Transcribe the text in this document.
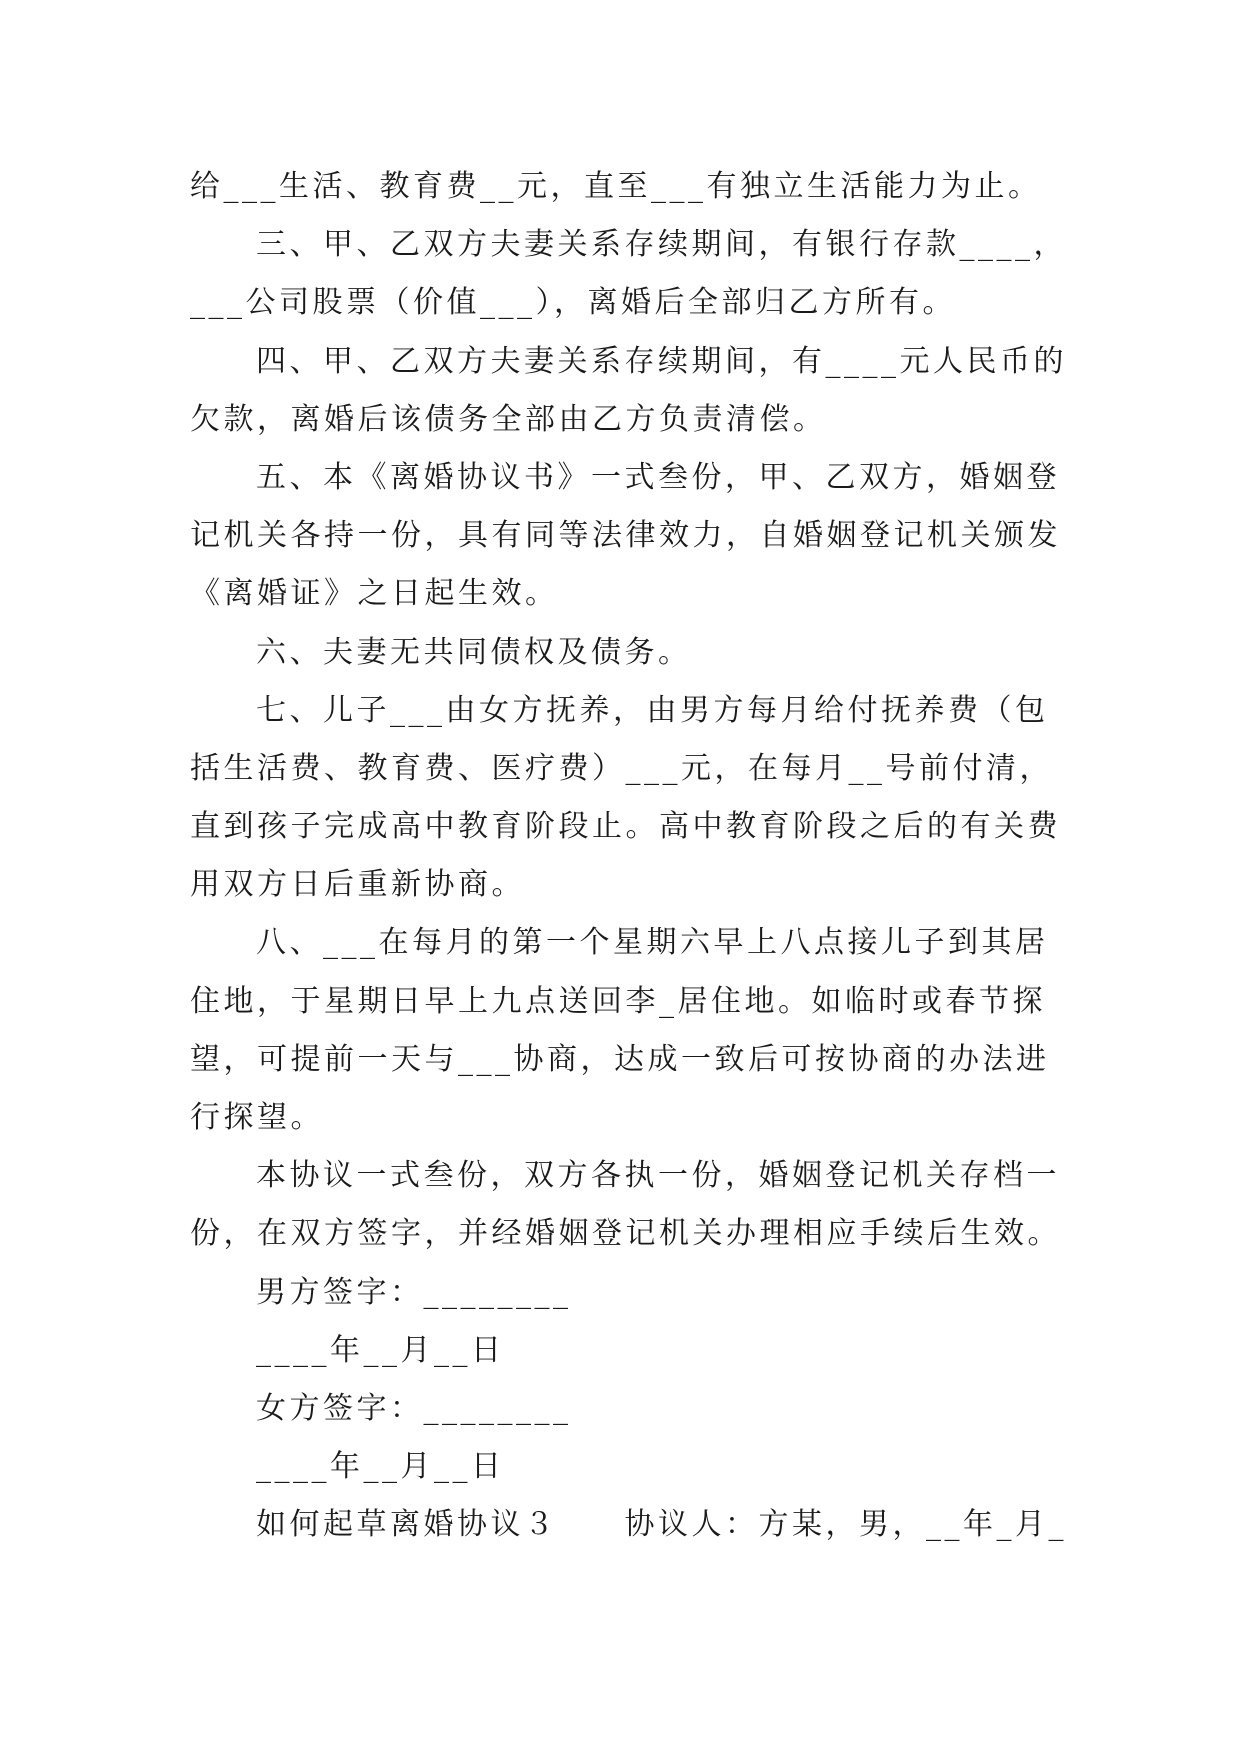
给___生活、教育费__元，直至___有独立生活能力为止。
三、甲、乙双方夫妻关系存续期间，有银行存款____，
___公司股票（价值___），离婚后全部归乙方所有。
四、甲、乙双方夫妻关系存续期间，有____元人民币的
欠款，离婚后该债务全部由乙方负责清偿。
五、本《离婚协议书》一式叁份，甲、乙双方，婚姻登
记机关各持一份，具有同等法律效力，自婚姻登记机关颁发
《离婚证》之日起生效。
六、夫妻无共同债权及债务。
七、儿子___由女方抚养，由男方每月给付抚养费（包
括生活费、教育费、医疗费）___元，在每月__号前付清，
直到孩子完成高中教育阶段止。高中教育阶段之后的有关费
用双方日后重新协商。
八、___在每月的第一个星期六早上八点接儿子到其居
住地，于星期日早上九点送回李_居住地。如临时或春节探
望，可提前一天与___协商，达成一致后可按协商的办法进
行探望。
本协议一式叁份，双方各执一份，婚姻登记机关存档一
份，在双方签字，并经婚姻登记机关办理相应手续后生效。
男方签字：________
____年__月__日
女方签字：________
____年__月__日
如何起草离婚协议３　　协议人：方某，男，__年_月_
